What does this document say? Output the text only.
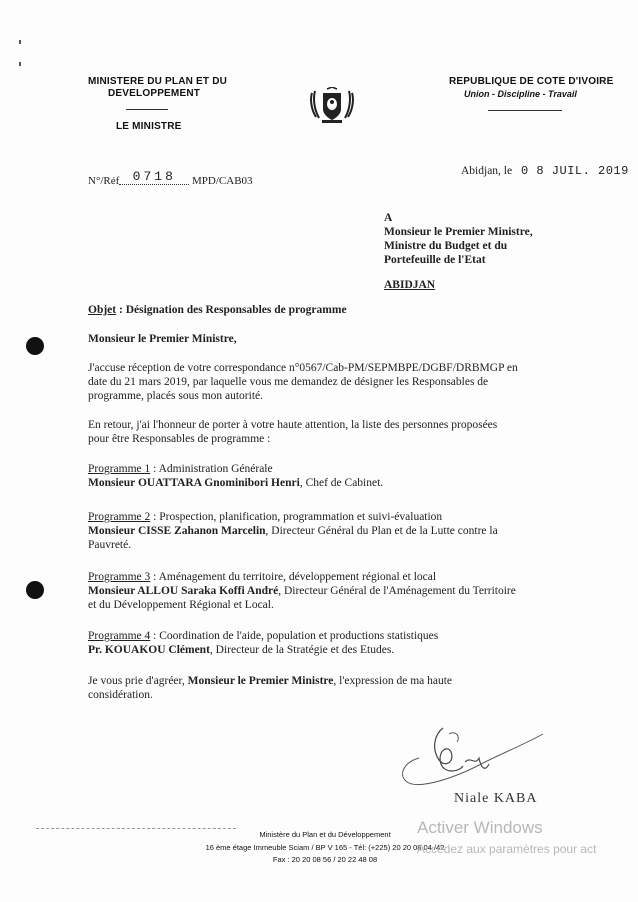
MINISTERE DU PLAN ET DU
DEVELOPPEMENT
LE MINISTRE
REPUBLIQUE DE COTE D'IVOIRE
Union - Discipline - Travail
N°/Réf 0718 MPD/CAB03
Abidjan, le 0 8 JUIL. 2019
A
Monsieur le Premier Ministre,
Ministre du Budget et du
Portefeuille de l'Etat
ABIDJAN
Objet : Désignation des Responsables de programme
Monsieur le Premier Ministre,
J'accuse réception de votre correspondance n°0567/Cab-PM/SEPMBPE/DGBF/DRBMGP en
date du 21 mars 2019, par laquelle vous me demandez de désigner les Responsables de
programme, placés sous mon autorité.
En retour, j'ai l'honneur de porter à votre haute attention, la liste des personnes proposées
pour être Responsables de programme :
Programme 1 : Administration Générale
Monsieur OUATTARA Gnominibori Henri, Chef de Cabinet.
Programme 2 : Prospection, planification, programmation et suivi-évaluation
Monsieur CISSE Zahanon Marcelin, Directeur Général du Plan et de la Lutte contre la
Pauvreté.
Programme 3 : Aménagement du territoire, développement régional et local
Monsieur ALLOU Saraka Koffi André, Directeur Général de l'Aménagement du Territoire
et du Développement Régional et Local.
Programme 4 : Coordination de l'aide, population et productions statistiques
Pr. KOUAKOU Clément, Directeur de la Stratégie et des Etudes.
Je vous prie d'agréer, Monsieur le Premier Ministre, l'expression de ma haute
considération.
Niale KABA
Ministère du Plan et du Développement
16 ème étage Immeuble Sciam / BP V 165 - Tél: (+225) 20 20 08 04 /42
Fax : 20 20 08 56 / 20 22 48 08
Activer Windows
Accédez aux paramètres pour act
